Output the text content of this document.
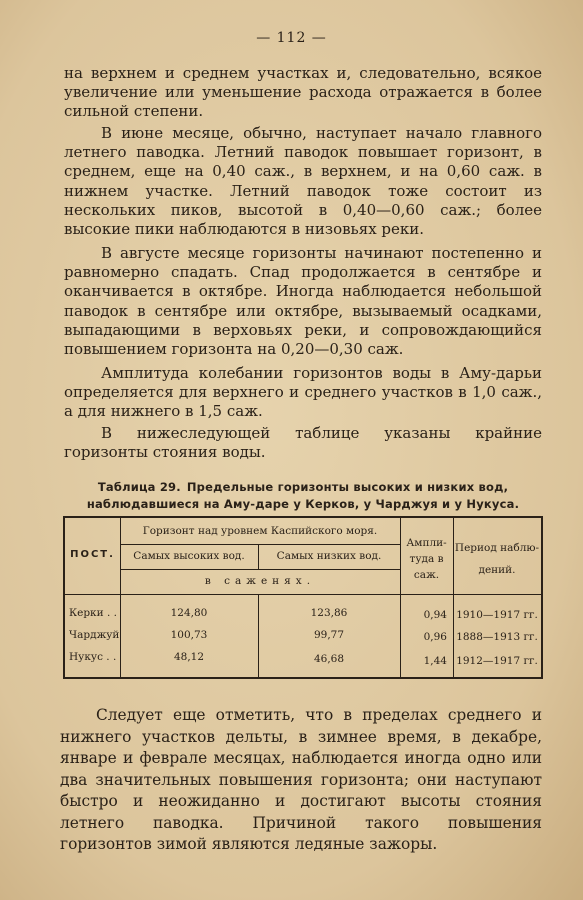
— 112 —

на верхнем и среднем участках и, следовательно, всякое увеличение или уменьшение расхода отражается в более сильной степени.

В июне месяце, обычно, наступает начало главного летнего паводка. Летний паводок повышает горизонт, в среднем, еще на 0,40 саж., в верхнем, и на 0,60 саж. в нижнем участке. Летний паводок тоже состоит из нескольких пиков, высотой в 0,40—0,60 саж.; более высокие пики наблюдаются в низовьях реки.

В августе месяце горизонты начинают постепенно и равномерно спадать. Спад продолжается в сентябре и оканчивается в октябре. Иногда наблюдается небольшой паводок в сентябре или октябре, вызываемый осадками, выпадающими в верховьях реки, и сопровождающийся повышением горизонта на 0,20—0,30 саж.

Амплитуда колебании горизонтов воды в Аму-дарьи определяется для верхнего и среднего участков в 1,0 саж., а для нижнего в 1,5 саж.

В нижеследующей таблице указаны крайние горизонты стояния воды.

Таблица 29. Предельные горизонты высоких и низких вод, наблюдавшиеся на Аму-даре у Керков, у Чарджуя и у Нукуса.
ПОСТ.
Горизонт над уровнем Каспийского моря.
Самых высоких вод.	Самых низких вод.
в саженях.
Ампли-
туда в
саж.
Период наблю-
дений.
Керки . .	124,80	123,86	0,94 1910—1917 гг.
Чарджуй	100,73	99,77	0,96 1888—1913 гг.
Нукус . .	48,12	46,68	1,44 1912—1917 гг.

Следует еще отметить, что в пределах среднего и нижнего участков дельты, в зимнее время, в декабре, январе и феврале месяцах, наблюдается иногда одно или два значительных повышения горизонта; они наступают быстро и неожиданно и достигают высоты стояния летнего паводка. Причиной такого повышения горизонтов зимой являются ледяные зажоры.
